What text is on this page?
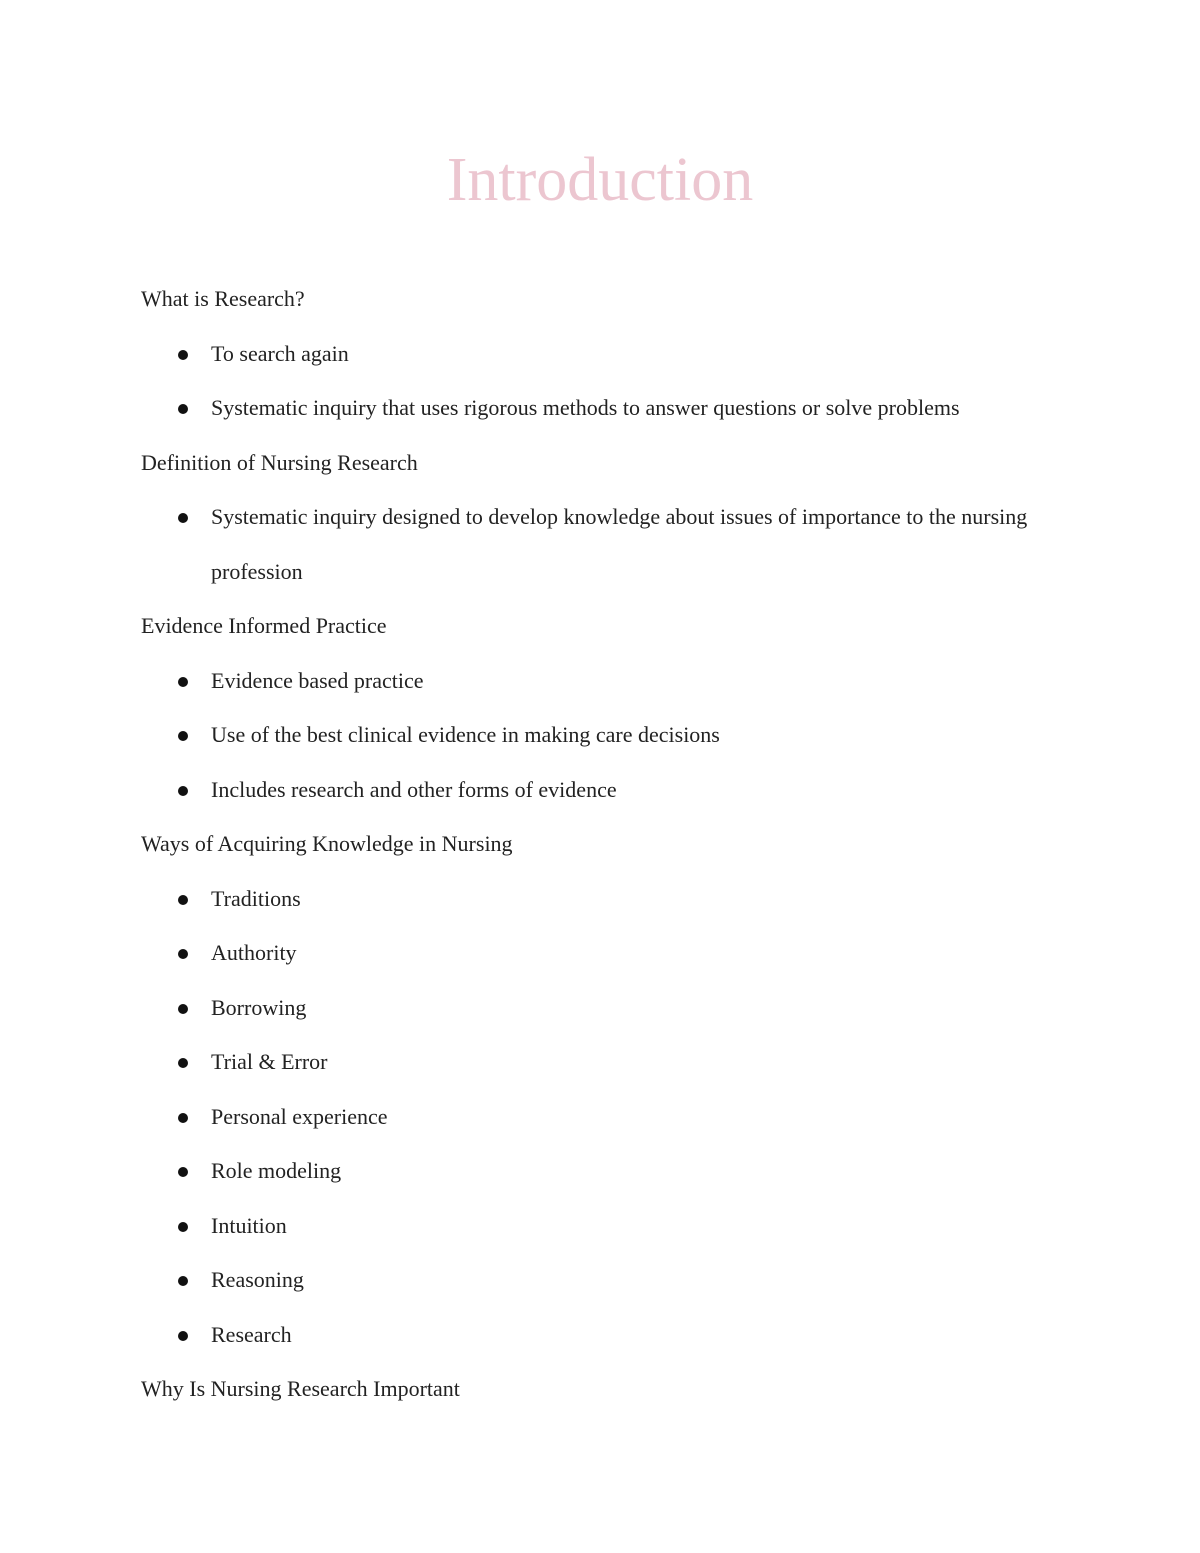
Introduction

What is Research?

To search again
Systematic inquiry that uses rigorous methods to answer questions or solve problems

Definition of Nursing Research

Systematic inquiry designed to develop knowledge about issues of importance to the nursing profession

Evidence Informed Practice

Evidence based practice
Use of the best clinical evidence in making care decisions
Includes research and other forms of evidence

Ways of Acquiring Knowledge in Nursing

Traditions
Authority
Borrowing
Trial & Error
Personal experience
Role modeling
Intuition
Reasoning
Research

Why Is Nursing Research Important
